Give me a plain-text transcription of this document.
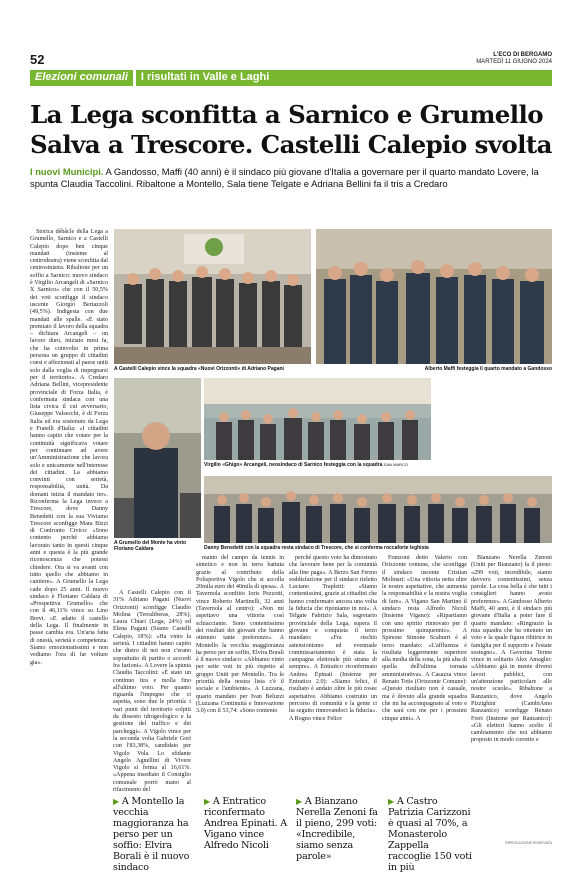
52	L'ECO DI BERGAMO
MARTEDÌ 11 GIUGNO 2024
Elezioni comunali	I risultati in Valle e Laghi
La Lega sconfitta a Sarnico e Grumello
Salva a Trescore. Castelli Calepio svolta
I nuovi Municipi. A Gandosso, Maffi (40 anni) è il sindaco più giovane d'Italia a governare per il quarto mandato Lovere, la spunta Claudia Taccolini. Ribaltone a Montello, Sala tiene Telgate e Adriana Bellini fa il tris a Credaro

Storica débâcle della Lega a Grumello, Sarnico e a Castelli Calepio dopo ben cinque mandati (insieme al centrodestra) viene sconfitta dal centrosinistra. Ribaltone per un soffio a Sarnico: nuovo sindaco è Virgilio Arcangeli di «Sarnico X Sarnico» che con il 50,5% dei voti sconfigge il sindaco uscente Giorgio Bertazzoli (49,5%). Indigesta con due mandati alle spalle. «È stato premiato il lavoro della squadra – dichiara Arcangeli – un lavoro duro, iniziato mesi fa, che ha coinvolto in prima persona un gruppo di cittadini coesi e affezionati al paese uniti solo dalla voglia di impegnarsi per il territorio». A Credaro Adriana Bellini, vicepresidente provinciale di Forza Italia, è confermata sindaca con una lista civica il cui avversario, Giuseppe Valsecchi, è di Forza Italia ed era sostenuto da Lega e Fratelli d'Italia: «I cittadini hanno capito che votare per la continuità significava votare per continuare ad avere un'Amministrazione che lavora solo e unicamente nell'interesse dei cittadini. La abbiamo convinti con serietà, responsabilità, unità. Da domani inizia il mandato ter». Riconferma la Lega invece a Trescore, dove Danny Benedetti con la sua Viviamo Trescore sconfigge Mara Bizzi di Confronto Civico: «Sono contento perché abbiamo lavorato tanto in questi cinque anni e questa è la più grande riconoscenza che potessi chiedere. Ora si va avanti con tutto quello che abbiamo in cantiere». A Grumello la Lega cade dopo 25 anni. Il nuovo sindaco è Floriano Caldara di «Prospettiva Grumello» che con il 46,11% vince su Lino Brevi. «E adatto il castello della Lega. Il finalmente in passe cambia era. Un'aria fatta di onestà, serietà e competenza. Siamo emozionatissimi e non vediamo l'ora di far volture gia».

A Castelli Calepio con il 31% Adriano Pagani (Nuovi Orizzonti) sconfigge Claudio Molina (Terraliberas, 28%), Laura Chiari (Lega, 24%) ed Elena Pagani (Siamo Castelli Calepio, 18%): «Ha vinto la serietà. I cittadini hanno capito che dietro di noi non c'erano soprattutto di partito o accordi fra fazioni». A Lovere la spunta Claudia Taccolini: «È stato un continuo tira e molla fino all'ultimo voto. Per quanto riguarda l'impegno che ci aspetta, sono due le priorità: i vari punti del territorio colpiti da dissesto idrogeologico e la gestione del traffico e dei parcheggi». A Vigolo vince per la seconda volta Gabriele Gori con l'83,38%, candidato per Vigolo Vola. Lo sfidante Angelo Agnellini di Vivere Vigolo si ferma al 16,61%. «Appena insediato il Consiglio comunale porrò mano al rifacimento del

A Castelli Calepio vince la squadra «Nuovi Orizzonti» di Adriano Pagani	Alberto Maffi festeggia il quarto mandato a Gandosso
Virgilio «Ghigo» Arcangeli, neosindaco di Sarnico festeggia con la squadra SAN MARCO
A Grumello del Monte ha vinto Floriano Caldara	Danny Benedetti con la squadra resta sindaco di Trescore, che si conferma roccaforte leghista

manto del campo da tennis in sintetico e non in terra battuta grazie al contributo della Polisportiva Vigolo che si accolla 20mila euro dei 40mila di spesa». A Tavernola sconfitto Ioris Pezzotti, vince Roberto Martinelli, 32 anni (Tavernola al centro): «Non mi aspettavo una vittoria così schiacciante. Sono contentissimo dei risultati dei giovani che hanno ottenuto tante preferenze». A Montello la vecchia maggioranza ha perso per un soffio, Elvira Borali è il nuovo sindaco: «Abbiamo vinto per sette voti in più rispetto al gruppo Uniti per Montello. Tra le priorità della nostra lista c'è il sociale e l'ambiente». A Luzzana, quarto mandato per Ivan Beluzzi (Luzzana Continuità e Innovazione 3.0) con il 53,74: «Sono contento

perché questo voto ha dimostrato che lavorare bene per la comunità alla fine paga». A Berzo San Fermo soddisfazione per il sindaco rieletto Luciano Trapletti: «Siamo contentissimi, grazie ai cittadini che hanno confermato ancora una volta la fiducia che riponiamo in noi». A Telgate Fabrizio Sala, segretario provinciale della Lega, supera il giovane e conquista il terzo mandato: «Fra rischio astensionismo ed eventuale commissariamento è stata la campagna elettorale più strana di sempre». A Entratico riconfermato Andrea Epinati (Insieme per Entratico 2.0): «Siamo felici, il risultato è andato oltre le più rosee aspettative. Abbiamo costruito un percorso di comunità e la gente ci ha seguito rinnovandoci la fiducia». A Rogno vince Felice

Franzoni detto Valerio con Orizzonte comune, che sconfigge il sindaco uscente Cristian Molinari: «Una vittoria netta oltre le nostre aspettative, che aumenta la responsabilità e la nostra voglia di fare». A Vigano San Martino il sindaco resta Alfredo Nicoli (Insieme Vigano): «Ripartiamo con uno spirito rinnovato per il prossimo quinquennio». A Spinone Simone Scaburri è al terzo mandato: «L'affluenza è risultata leggermente superiore alla media della zona, la più alta di quella dell'ultima tornata amministrativa». A Casazza vince Renato Totis (Orizzonte Comune): «Questo risultato non è casuale, ma è dovuto alla grande squadra che mi ha accompagnato al voto e che sarà con me per i prossimi cinque anni». A

Bianzano Nerella Zenoni (Uniti per Bianzano) fa il pieno: «299 voti, incredibile, siamo davvero contentissimi, senza parole. La cosa bella è che tutti i consiglieri hanno avuto preferenze». A Gandosso Alberto Maffi, 40 anni, è il sindaco più giovane d'Italia a poter fare il quarto mandato: «Ringrazio la mia squadra che ha ottenuto un voto e la quale figura ribitrice in famiglia per il supporto e l'estate sostegno». A Gaverina Terme vince in solitario Alex Amaglio: «Abbiamo già in mente diversi lavori pubblici, con un'attenzione particolare alle nostre scuole». Ribaltone a Ranzanico, dove Angelo Pizzighini (CambiAmo Ranzanico) sconfigge Renato Freri (Insieme per Ranzanico): «Gli elettori hanno scelto il cambiamento che noi abbiamo proposto in modo corretto e

▶ A Montello la vecchia maggioranza ha perso per un soffio: Elvira Borali è il nuovo sindaco
▶ A Entratico riconfermato Andrea Epinati. A Vigano vince Alfredo Nicoli
▶ A Bianzano Nerella Zenoni fa il pieno, 299 voti: «Incredibile, siamo senza parole»
▶ A Castro Patrizia Carizzoni è quasi al 70%, a Monasterolo Zappella raccoglie 150 voti in più
RIPRODUZIONE RISERVATA
